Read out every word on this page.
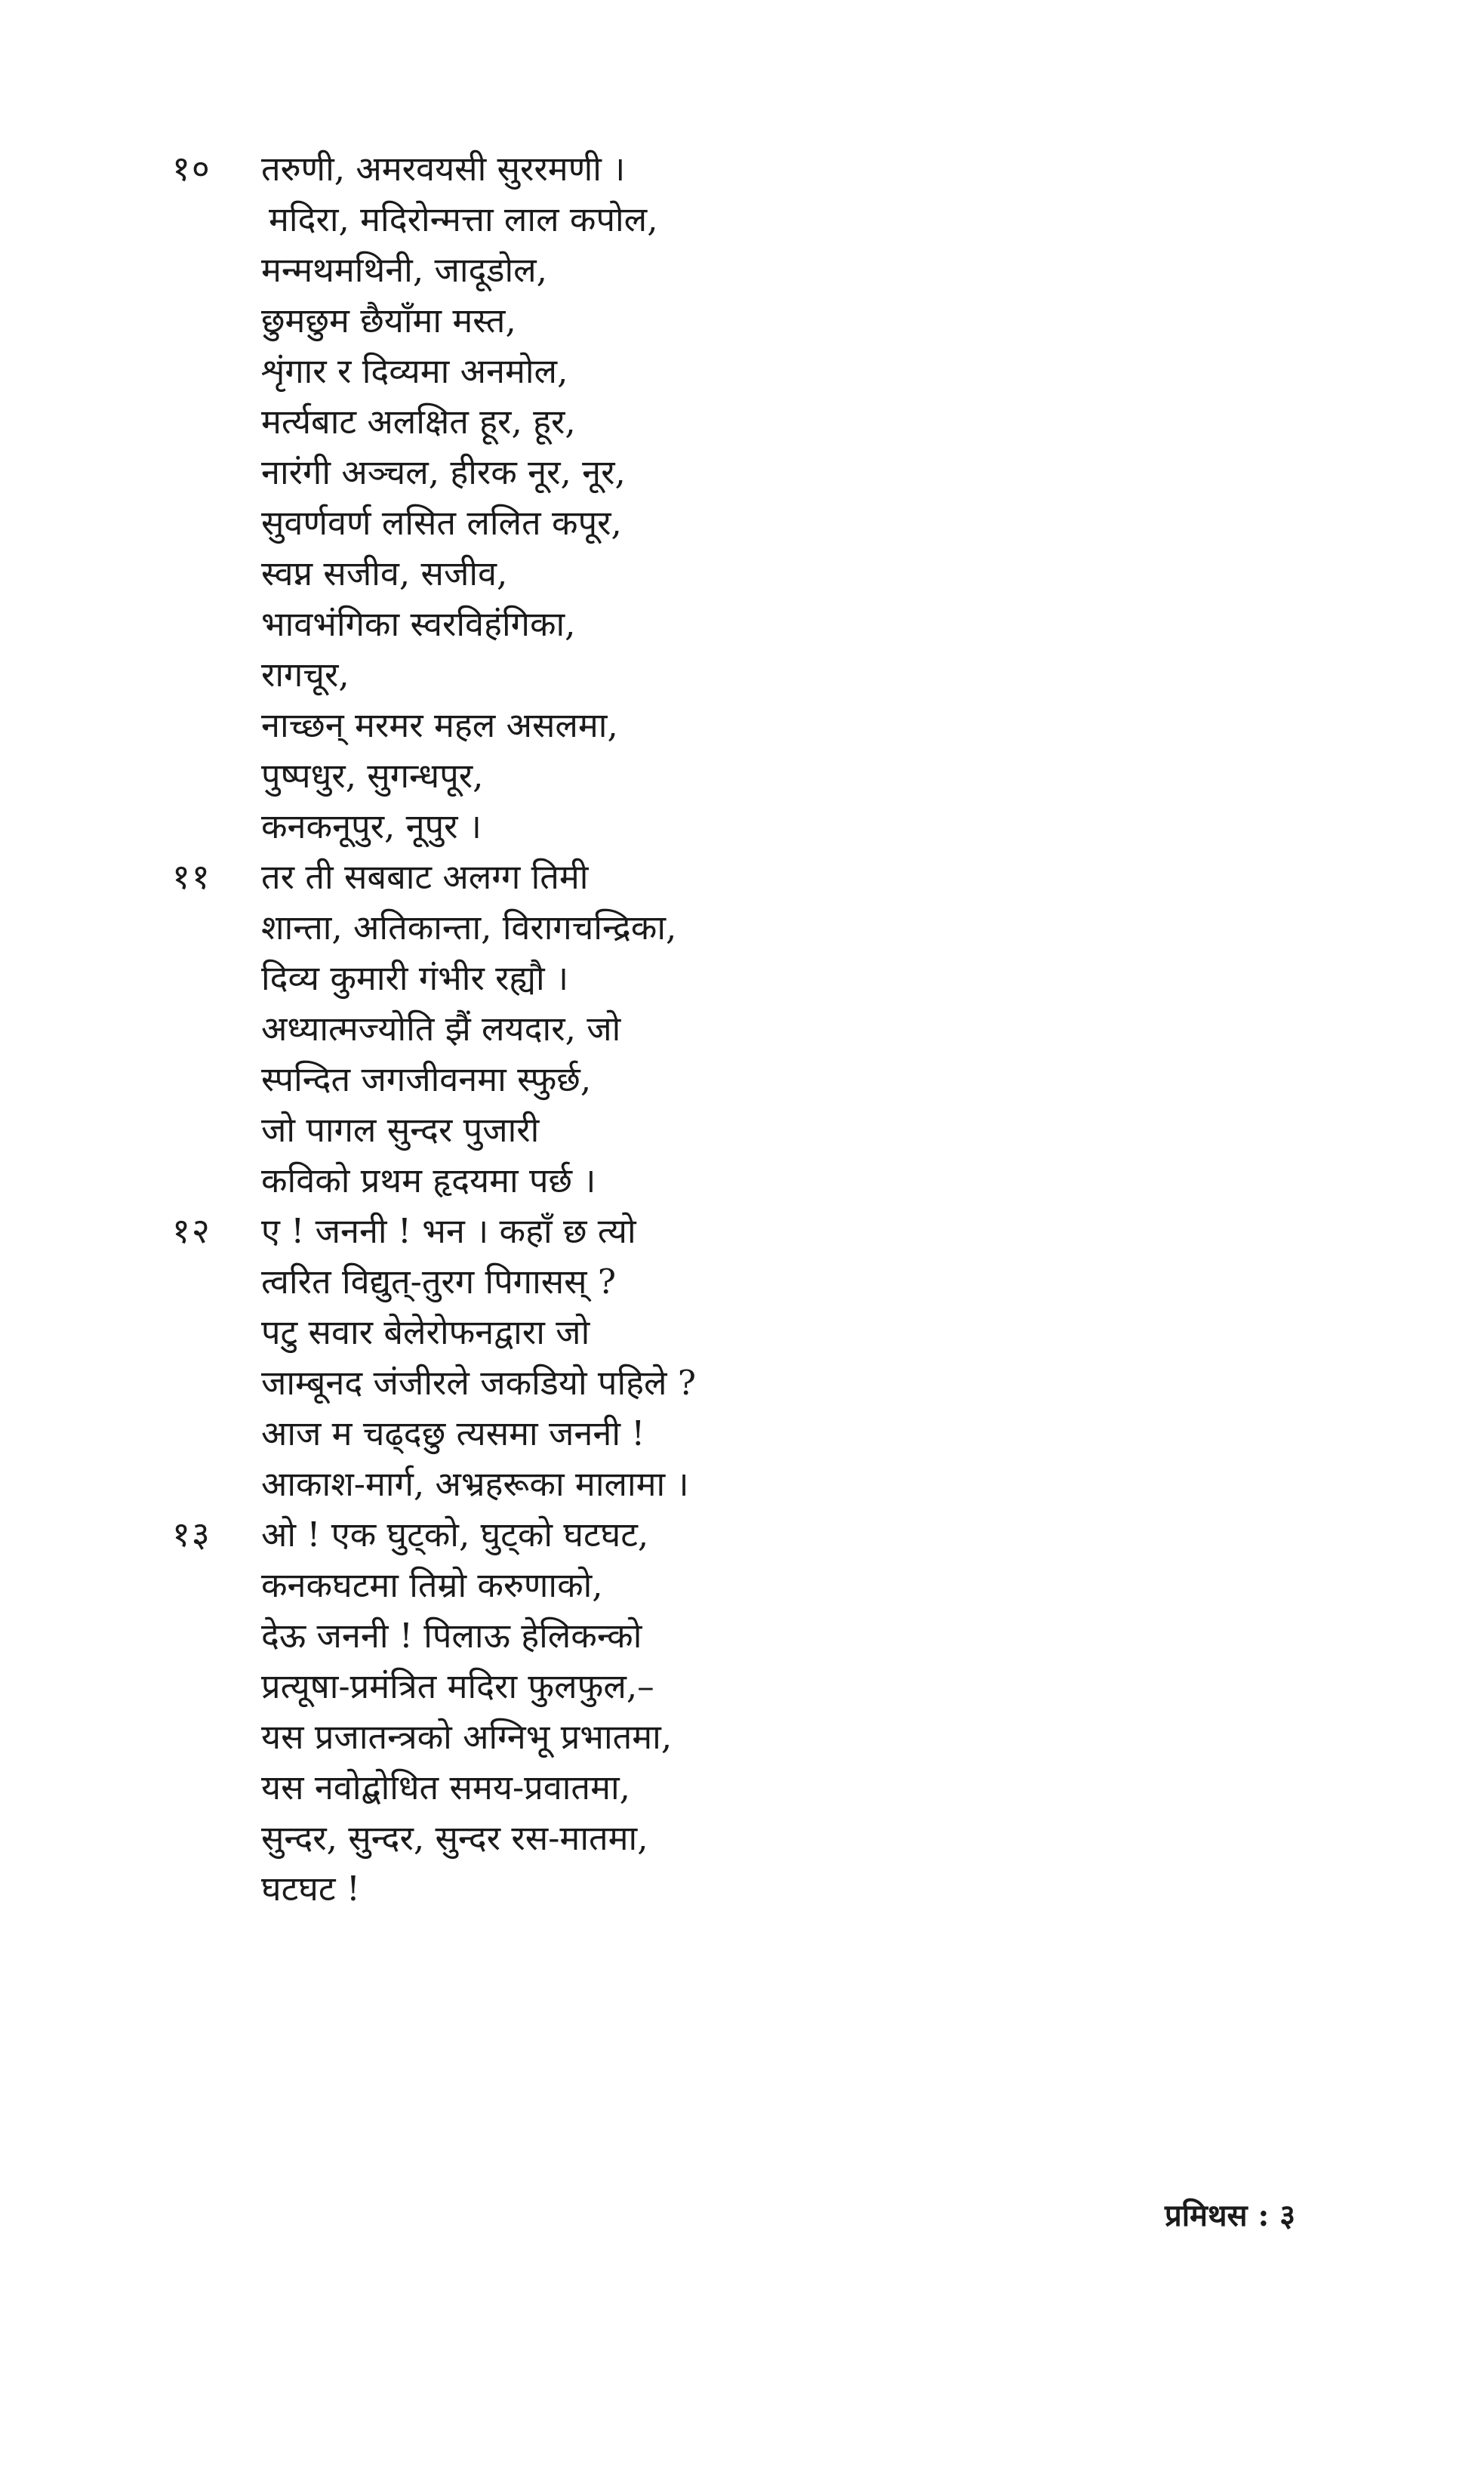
१०	तरुणी, अमरवयसी सुररमणी ।
मदिरा, मदिरोन्मत्ता लाल कपोल,
मन्मथमथिनी, जादूडोल,
छुमछुम छैयाँमा मस्त,
शृंगार र दिव्यमा अनमोल,
मर्त्यबाट अलक्षित हूर, हूर,
नारंगी अञ्चल, हीरक नूर, नूर,
सुवर्णवर्ण लसित ललित कपूर,
स्वप्न सजीव, सजीव,
भावभंगिका स्वरविहंगिका,
रागचूर,
नाच्छन् मरमर महल असलमा,
पुष्पधुर, सुगन्धपूर,
कनकनूपुर, नूपुर ।
११	तर ती सबबाट अलग्ग तिमी
शान्ता, अतिकान्ता, विरागचन्द्रिका,
दिव्य कुमारी गंभीर रह्यौ ।
अध्यात्मज्योति झैं लयदार, जो
स्पन्दित जगजीवनमा स्फुर्छ,
जो पागल सुन्दर पुजारी
कविको प्रथम हृदयमा पर्छ ।
१२	ए ! जननी ! भन । कहाँ छ त्यो
त्वरित विद्युत्-तुरग पिगासस् ?
पटु सवार बेलेरोफनद्वारा जो
जाम्बूनद जंजीरले जकडियो पहिले ?
आज म चढ्दछु त्यसमा जननी !
आकाश-मार्ग, अभ्रहरूका मालामा ।
१३	ओ ! एक घुट्को, घुट्को घटघट,
कनकघटमा तिम्रो करुणाको,
देऊ जननी ! पिलाऊ हेलिकन्को
प्रत्यूषा-प्रमंत्रित मदिरा फुलफुल,–
यस प्रजातन्त्रको अग्निभू प्रभातमा,
यस नवोद्बोधित समय-प्रवातमा,
सुन्दर, सुन्दर, सुन्दर रस-मातमा,
घटघट !
प्रमिथस : ३
